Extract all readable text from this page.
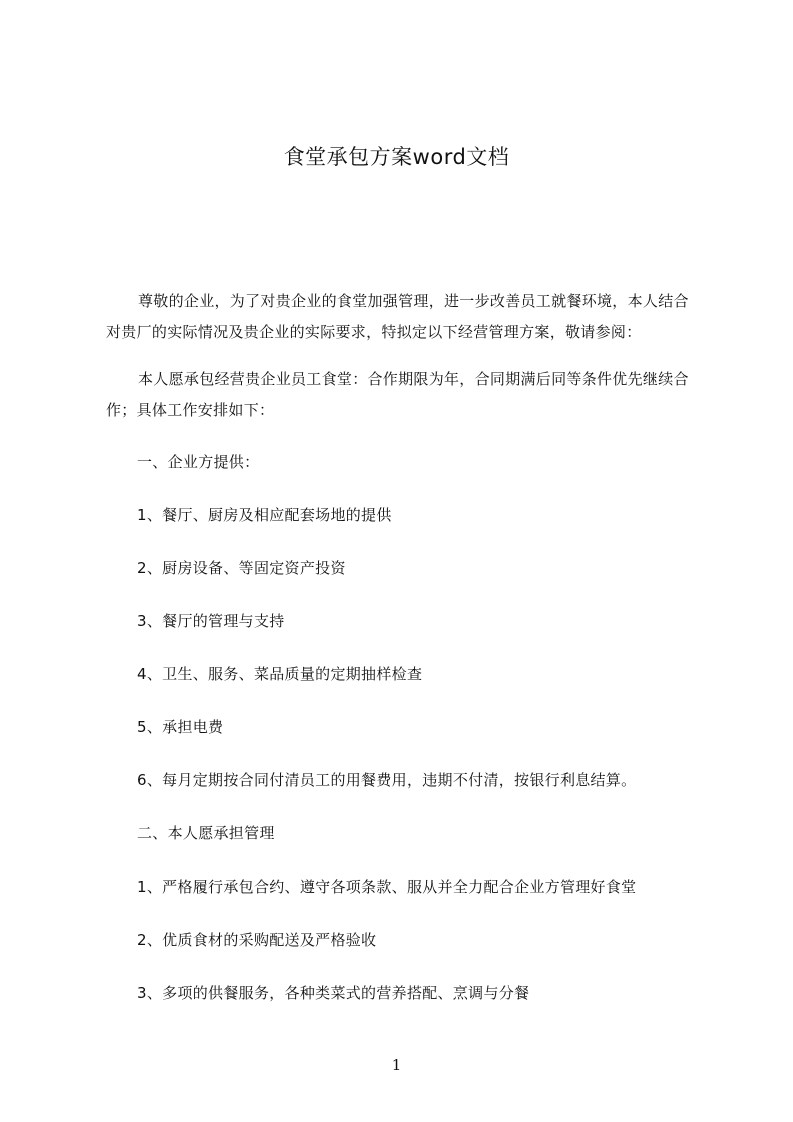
食堂承包方案word文档
尊敬的企业，为了对贵企业的食堂加强管理，进一步改善员工就餐环境，本人结合对贵厂的实际情况及贵企业的实际要求，特拟定以下经营管理方案，敬请参阅：
本人愿承包经营贵企业员工食堂：合作期限为年，合同期满后同等条件优先继续合作；具体工作安排如下：
一、企业方提供：
1、餐厅、厨房及相应配套场地的提供
2、厨房设备、等固定资产投资
3、餐厅的管理与支持
4、卫生、服务、菜品质量的定期抽样检查
5、承担电费
6、每月定期按合同付清员工的用餐费用，违期不付清，按银行利息结算。
二、本人愿承担管理
1、严格履行承包合约、遵守各项条款、服从并全力配合企业方管理好食堂
2、优质食材的采购配送及严格验收
3、多项的供餐服务，各种类菜式的营养搭配、烹调与分餐
1
